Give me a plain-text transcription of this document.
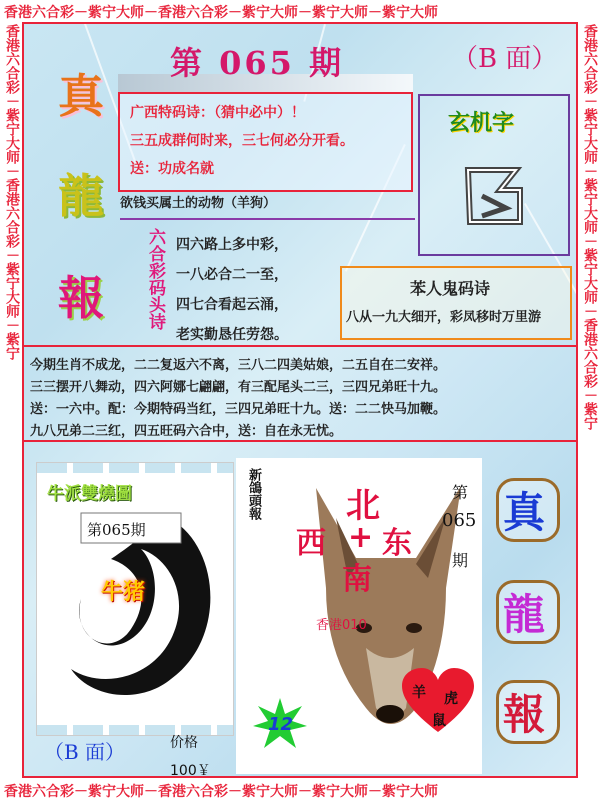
香港六合彩－紫宁大师－香港六合彩－紫宁大师－紫宁大师－紫宁大师
香港六合彩－紫宁大师－香港六合彩－紫宁大师－紫宁大师－紫宁大师
香港六合彩－紫宁大师－香港六合彩－紫宁大师－紫宁	香港六合彩－紫宁大师－紫宁大师－紫宁大师－香港六合彩－紫宁
第 065 期	（B 面）
真
龍
報
广西特码诗：（猜中必中）！
三五成群何时来，三七何必分开看。
送：功成名就
玄机字
欲钱买属土的动物（羊狗）
六合彩码头诗 四六路上多中彩，
一八必合二一至，
四七合看起云涌，
老实勤恳任劳怨。
苯人鬼码诗
八从一九大细开，彩凤移时万里游
今期生肖不成龙，二二复返六不离，三八二四美姑娘，二五自在二安祥。
三三摆开八舞动，四六阿娜七翩翩，有三配尾头二三，三四兄弟旺十九。
送：一六中。配：今期特码当红，三四兄弟旺十九。送：二二快马加鞭。
九八兄弟二三红，四五旺码六合中，送：自在永无忧。
牛派雙燒圖
第065期
牛猪
（B 面）	价格
100￥
新鴿頭報	北
西 + 东
南
香港010
第
065
期
12
羊 虎
鼠
真
龍
報
